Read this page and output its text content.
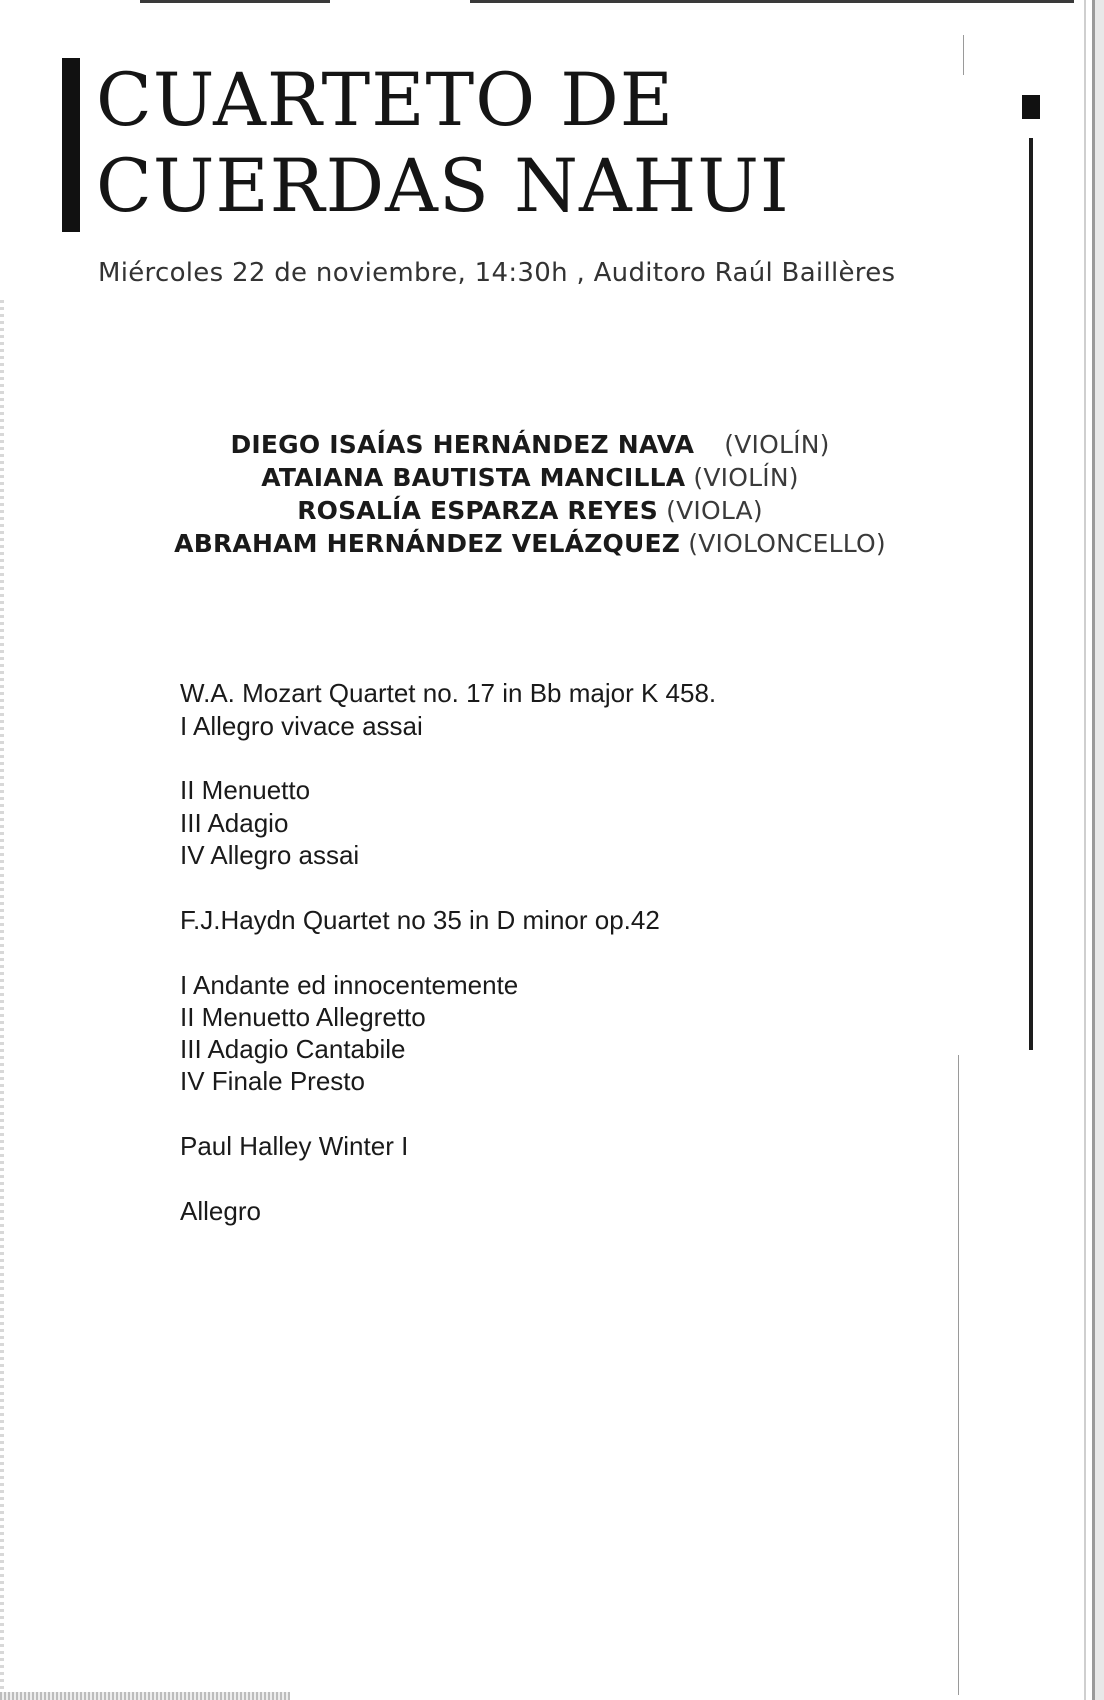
CUARTETO DE
CUERDAS NAHUI
Miércoles 22 de noviembre, 14:30h , Auditoro Raúl Baillères
DIEGO ISAÍAS HERNÁNDEZ NAVA (VIOLÍN)
ATAIANA BAUTISTA MANCILLA (VIOLÍN)
ROSALÍA ESPARZA REYES (VIOLA)
ABRAHAM HERNÁNDEZ VELÁZQUEZ (VIOLONCELLO)
W.A. Mozart Quartet no. 17 in Bb major K 458.
I Allegro vivace assai
II Menuetto
III Adagio
IV Allegro assai
F.J.Haydn Quartet no 35 in D minor op.42
I Andante ed innocentemente
II Menuetto Allegretto
III Adagio Cantabile
IV Finale Presto
Paul Halley Winter I
Allegro
